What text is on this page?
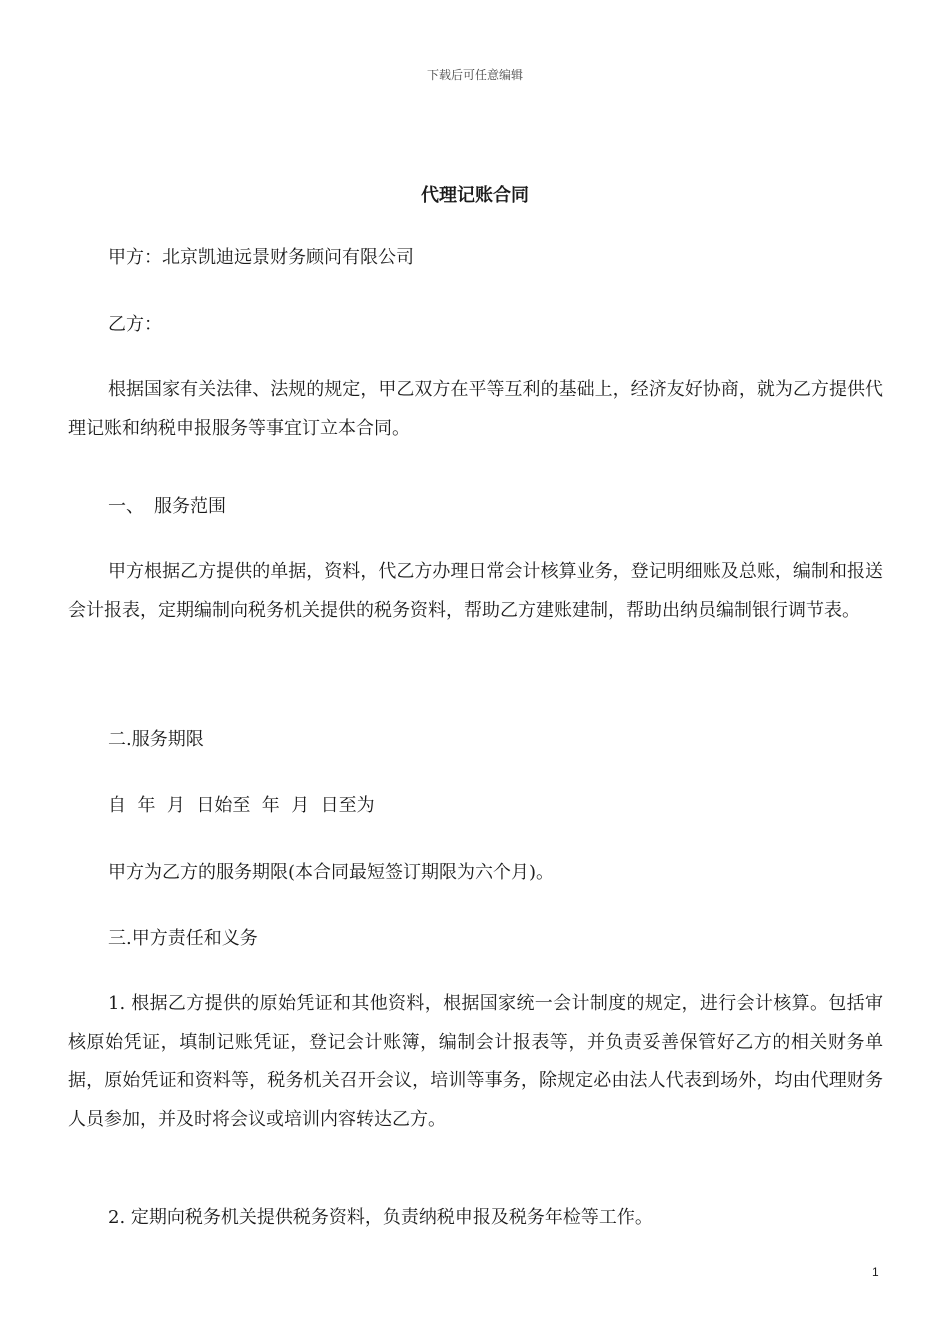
下载后可任意编辑
代理记账合同

甲方：北京凯迪远景财务顾问有限公司

乙方：

根据国家有关法律、法规的规定，甲乙双方在平等互利的基础上，经济友好协商，就为乙方提供代理记账和纳税申报服务等事宜订立本合同。

一、 服务范围

甲方根据乙方提供的单据，资料，代乙方办理日常会计核算业务，登记明细账及总账，编制和报送会计报表，定期编制向税务机关提供的税务资料，帮助乙方建账建制，帮助出纳员编制银行调节表。

二.服务期限

自  年  月  日始至  年  月  日至为

甲方为乙方的服务期限(本合同最短签订期限为六个月)。

三.甲方责任和义务

1. 根据乙方提供的原始凭证和其他资料，根据国家统一会计制度的规定，进行会计核算。包括审核原始凭证，填制记账凭证，登记会计账簿，编制会计报表等，并负责妥善保管好乙方的相关财务单据，原始凭证和资料等，税务机关召开会议，培训等事务，除规定必由法人代表到场外，均由代理财务人员参加，并及时将会议或培训内容转达乙方。

2. 定期向税务机关提供税务资料，负责纳税申报及税务年检等工作。

1
